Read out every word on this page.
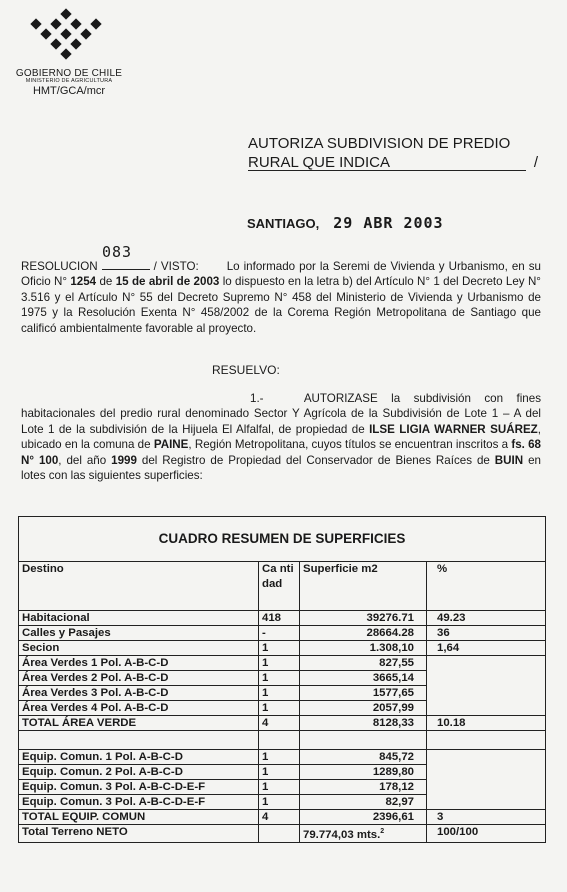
GOBIERNO DE CHILE
MINISTERIO DE AGRICULTURA
HMT/GCA/mcr
AUTORIZA SUBDIVISION DE PREDIO
RURAL QUE INDICA	/
SANTIAGO, 29 ABR 2003
083
RESOLUCION	/ VISTO: Lo informado por la Seremi de Vivienda y Urbanismo, en su Oficio N° 1254 de 15 de abril de 2003 lo dispuesto en la letra b) del Artículo N° 1 del Decreto Ley N° 3.516 y el Artículo N° 55 del Decreto Supremo N° 458 del Ministerio de Vivienda y Urbanismo de 1975 y la Resolución Exenta N° 458/2002 de la Corema Región Metropolitana de Santiago que calificó ambientalmente favorable al proyecto.
RESUELVO:
1.-	AUTORIZASE la subdivisión con fines habitacionales del predio rural denominado Sector Y Agrícola de la Subdivisión de Lote 1 – A del Lote 1 de la subdivisión de la Hijuela El Alfalfal, de propiedad de ILSE LIGIA WARNER SUÁREZ, ubicado en la comuna de PAINE, Región Metropolitana, cuyos títulos se encuentran inscritos a fs. 68 N° 100, del año 1999 del Registro de Propiedad del Conservador de Bienes Raíces de BUIN en lotes con las siguientes superficies:
CUADRO RESUMEN DE SUPERFICIES			
Destino	Ca nti dad	Superficie m2	%
Habitacional	418	39276.71	49.23
Calles y Pasajes	-	28664.28	36
Secion	1	1.308,10	1,64
Área Verdes 1 Pol. A-B-C-D	1	827,55	
Área Verdes 2 Pol. A-B-C-D	1	3665,14	
Área Verdes 3 Pol. A-B-C-D	1	1577,65	
Área Verdes 4 Pol. A-B-C-D	1	2057,99	
TOTAL ÁREA VERDE	4	8128,33	10.18

Equip. Comun. 1 Pol. A-B-C-D	1	845,72	
Equip. Comun. 2 Pol. A-B-C-D	1	1289,80	
Equip. Comun. 3 Pol. A-B-C-D-E-F	1	178,12	
Equip. Comun. 3 Pol. A-B-C-D-E-F	1	82,97	
TOTAL EQUIP. COMUN	4	2396,61	3
Total Terreno NETO		79.774,03 mts.$^2$	100/100
